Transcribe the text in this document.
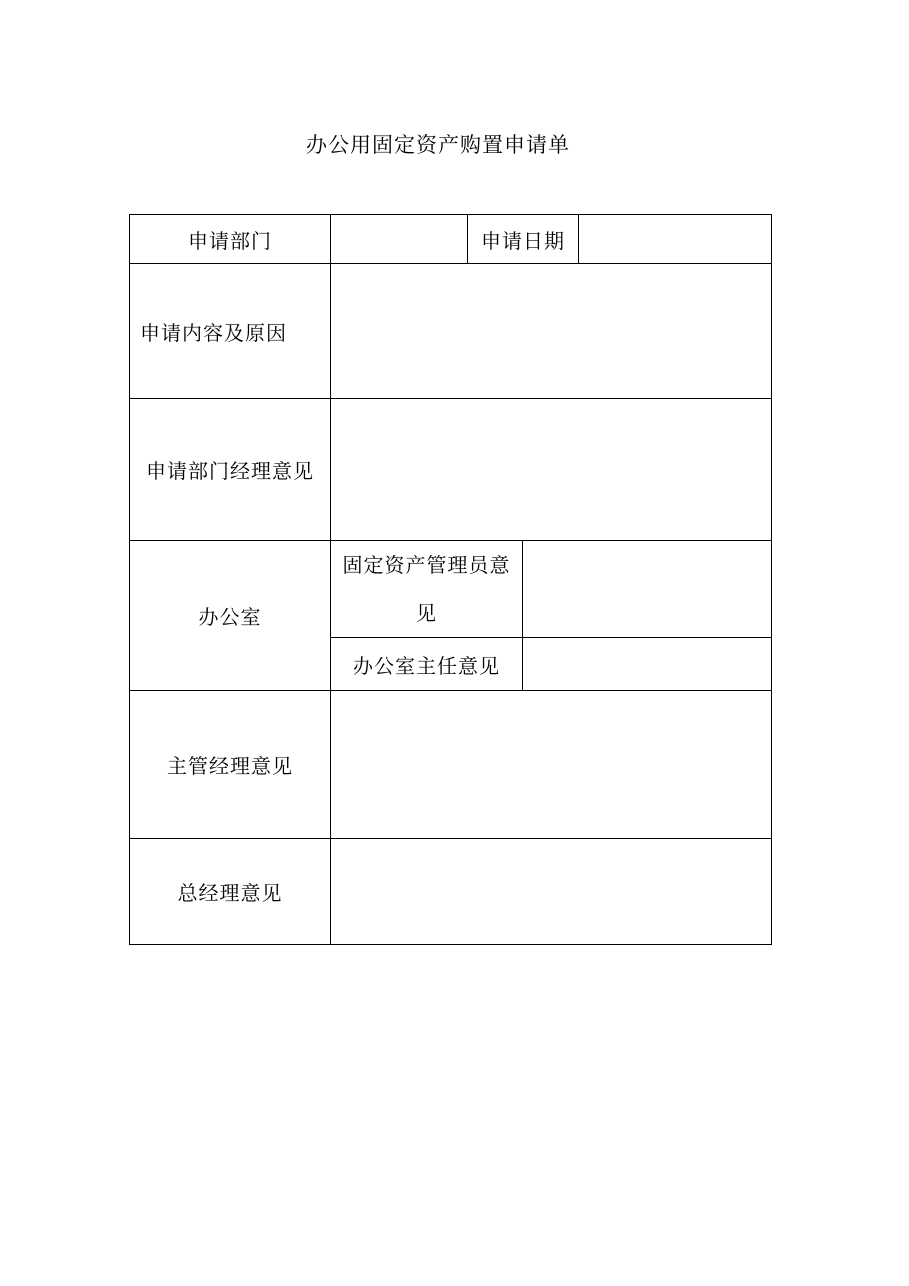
办公用固定资产购置申请单
申请部门		申请日期		
申请内容及原因				
申请部门经理意见				
办公室	固定资产管理员意见			
	办公室主任意见			
主管经理意见				
总经理意见				
